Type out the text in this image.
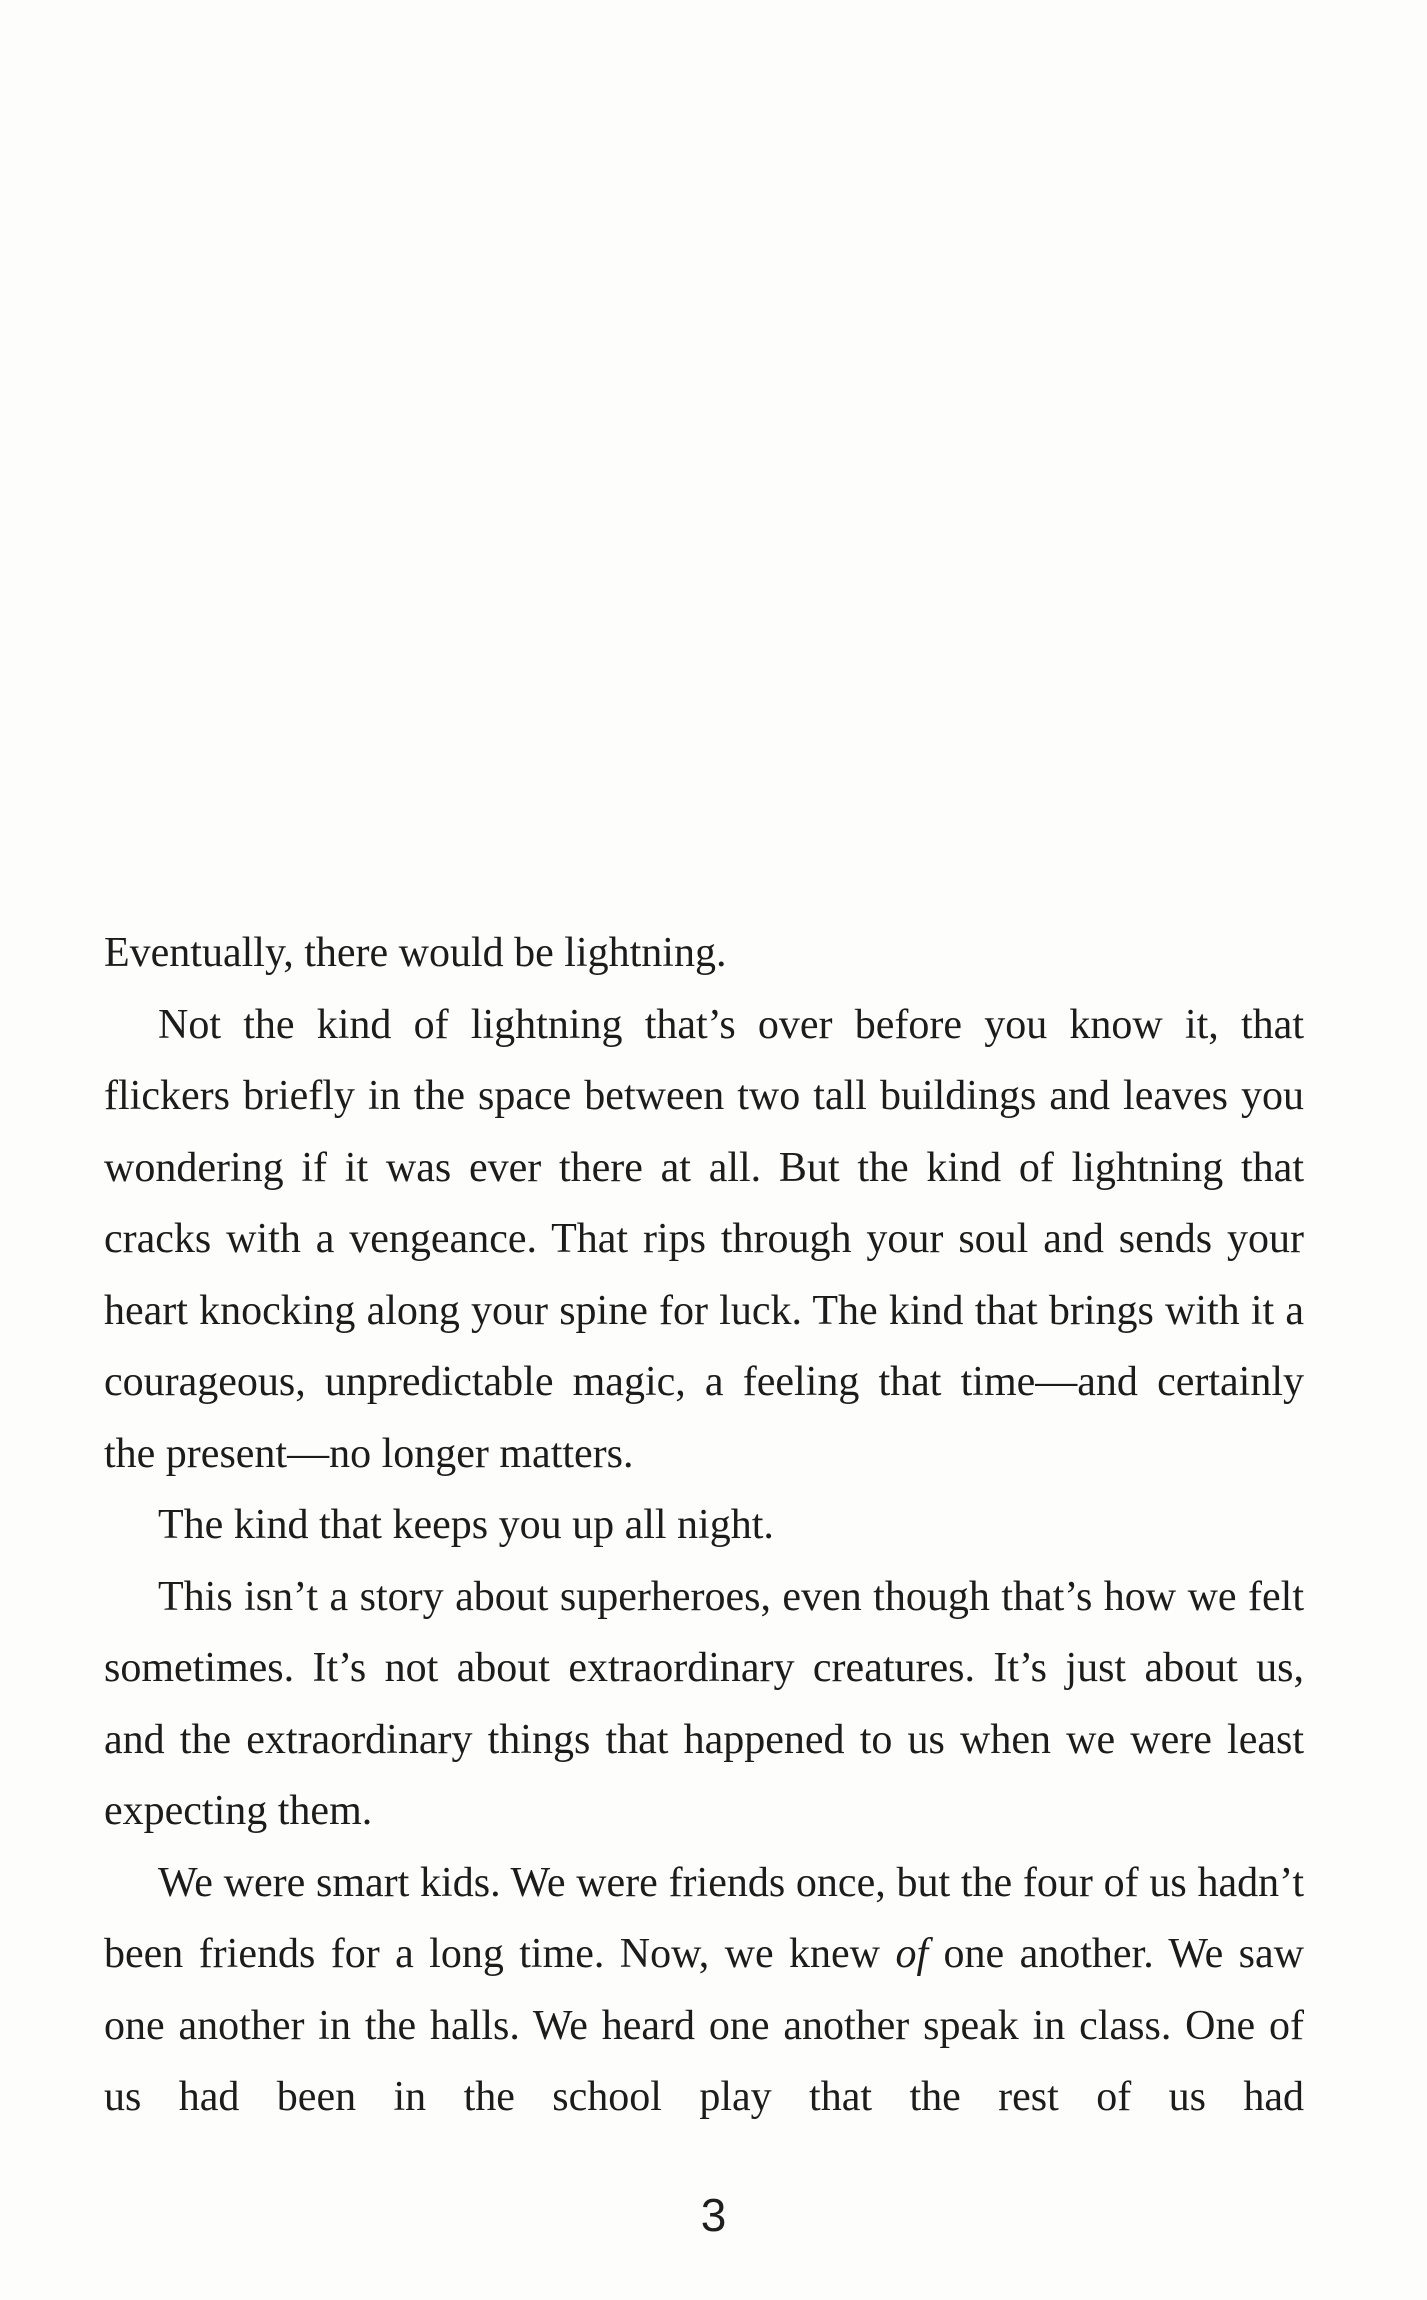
Eventually, there would be lightning.

Not the kind of lightning that’s over before you know it, that flickers briefly in the space between two tall buildings and leaves you wondering if it was ever there at all. But the kind of lightning that cracks with a vengeance. That rips through your soul and sends your heart knocking along your spine for luck. The kind that brings with it a courageous, unpredictable magic, a feeling that time—and certainly the present—no longer matters.

The kind that keeps you up all night.

This isn’t a story about superheroes, even though that’s how we felt sometimes. It’s not about extraordinary creatures. It’s just about us, and the extraordinary things that happened to us when we were least expecting them.

We were smart kids. We were friends once, but the four of us hadn’t been friends for a long time. Now, we knew of one another. We saw one another in the halls. We heard one another speak in class. One of us had been in the school play that the rest of us had

3
